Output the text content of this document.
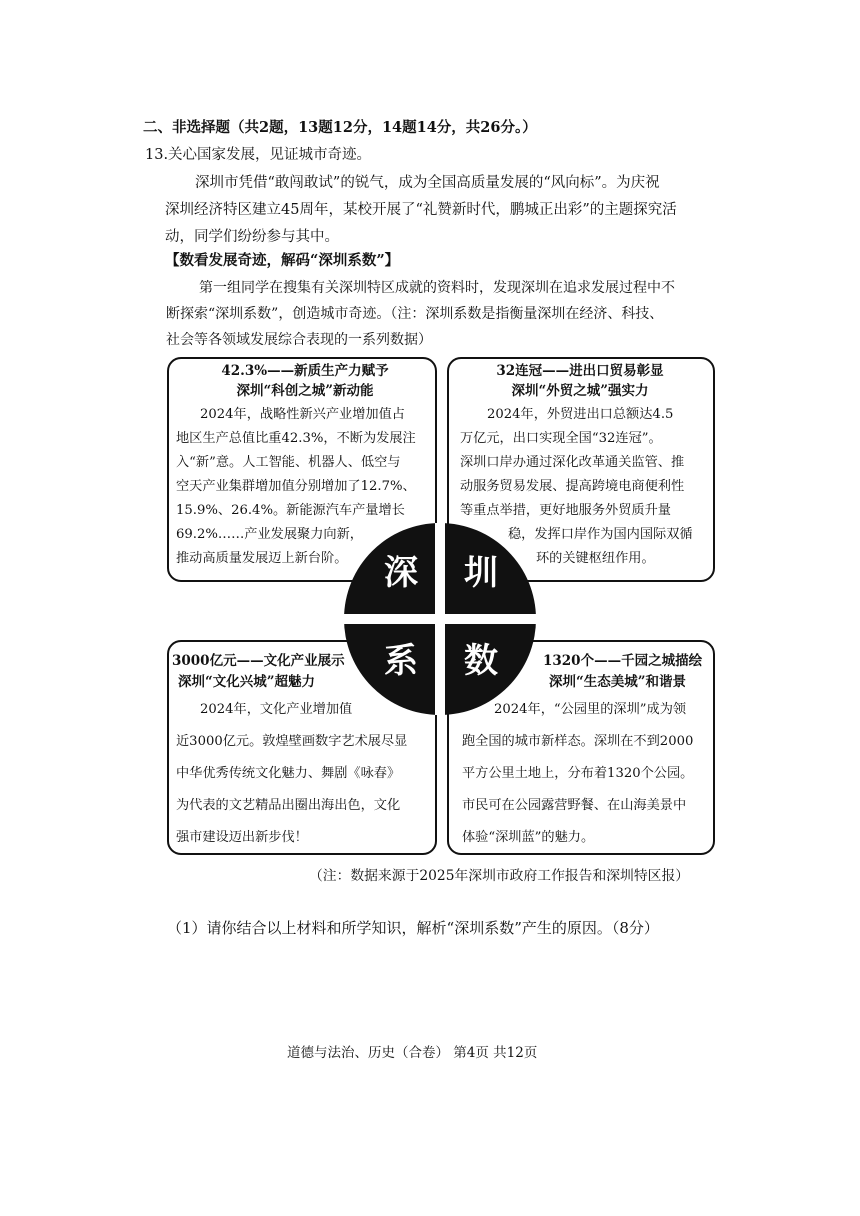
二、非选择题（共2题，13题12分，14题14分，共26分。）
13.关心国家发展，见证城市奇迹。
深圳市凭借“敢闯敢试”的锐气，成为全国高质量发展的“风向标”。为庆祝
深圳经济特区建立45周年，某校开展了“礼赞新时代，鹏城正出彩”的主题探究活
动，同学们纷纷参与其中。
【数看发展奇迹，解码“深圳系数”】
第一组同学在搜集有关深圳特区成就的资料时，发现深圳在追求发展过程中不
断探索“深圳系数”，创造城市奇迹。（注：深圳系数是指衡量深圳在经济、科技、
社会等各领域发展综合表现的一系列数据）
42.3%——新质生产力赋予
深圳“科创之城”新动能
2024年，战略性新兴产业增加值占
地区生产总值比重42.3%，不断为发展注
入“新”意。人工智能、机器人、低空与
空天产业集群增加值分别增加了12.7%、
15.9%、26.4%。新能源汽车产量增长
69.2%……产业发展聚力向新，
推动高质量发展迈上新台阶。
32连冠——进出口贸易彰显
深圳“外贸之城”强实力
2024年，外贸进出口总额达4.5
万亿元，出口实现全国“32连冠”。
深圳口岸办通过深化改革通关监管、推
动服务贸易发展、提高跨境电商便利性
等重点举措，更好地服务外贸质升量
稳，发挥口岸作为国内国际双循
环的关键枢纽作用。
3000亿元——文化产业展示
深圳“文化兴城”超魅力
2024年，文化产业增加值
近3000亿元。敦煌壁画数字艺术展尽显
中华优秀传统文化魅力、舞剧《咏春》
为代表的文艺精品出圈出海出色，文化
强市建设迈出新步伐！
1320个——千园之城描绘
深圳“生态美城”和谐景
2024年，“公园里的深圳”成为领
跑全国的城市新样态。深圳在不到2000
平方公里土地上，分布着1320个公园。
市民可在公园露营野餐、在山海美景中
体验“深圳蓝”的魅力。
深 圳
系 数
（注：数据来源于2025年深圳市政府工作报告和深圳特区报）
（1）请你结合以上材料和所学知识，解析“深圳系数”产生的原因。（8分）
道德与法治、历史（合卷） 第4页 共12页
